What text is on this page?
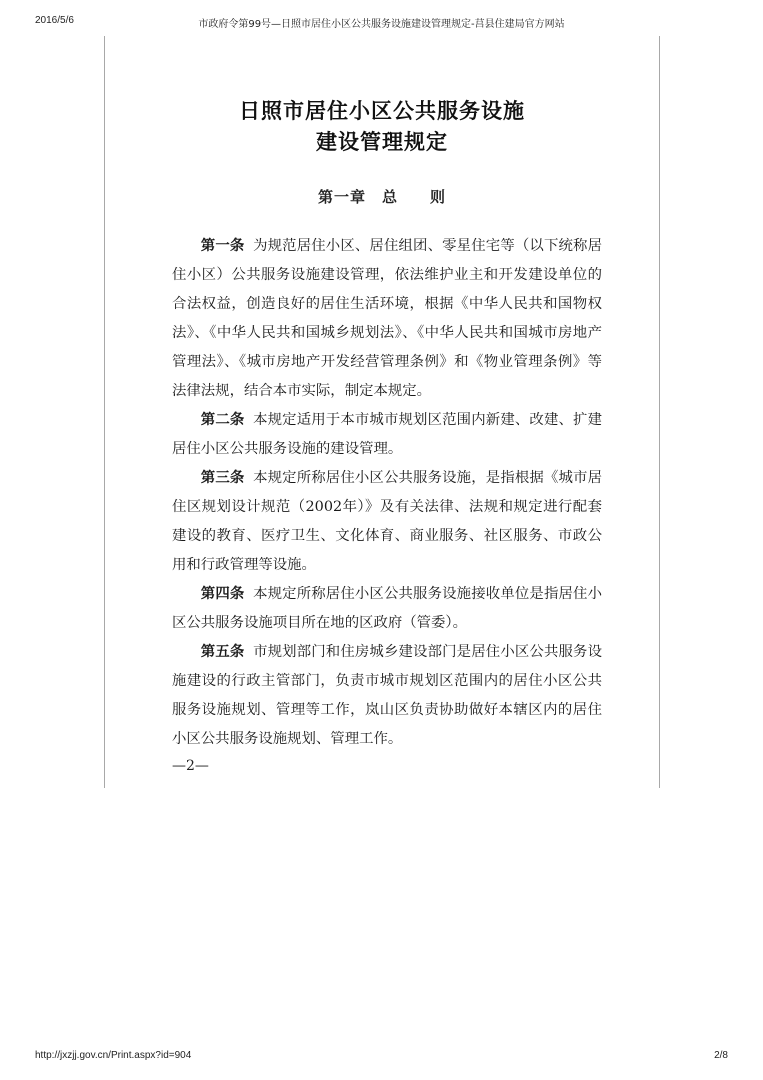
2016/5/6	市政府令第99号—日照市居住小区公共服务设施建设管理规定-莒县住建局官方网站
日照市居住小区公共服务设施
建设管理规定
第一章　总　　则

第一条 为规范居住小区、居住组团、零星住宅等（以下统称居住小区）公共服务设施建设管理，依法维护业主和开发建设单位的合法权益，创造良好的居住生活环境，根据《中华人民共和国物权法》、《中华人民共和国城乡规划法》、《中华人民共和国城市房地产管理法》、《城市房地产开发经营管理条例》和《物业管理条例》等法律法规，结合本市实际，制定本规定。

第二条 本规定适用于本市城市规划区范围内新建、改建、扩建居住小区公共服务设施的建设管理。

第三条 本规定所称居住小区公共服务设施，是指根据《城市居住区规划设计规范（2002年）》及有关法律、法规和规定进行配套建设的教育、医疗卫生、文化体育、商业服务、社区服务、市政公用和行政管理等设施。

第四条 本规定所称居住小区公共服务设施接收单位是指居住小区公共服务设施项目所在地的区政府（管委）。

第五条 市规划部门和住房城乡建设部门是居住小区公共服务设施建设的行政主管部门，负责市城市规划区范围内的居住小区公共服务设施规划、管理等工作，岚山区负责协助做好本辖区内的居住小区公共服务设施规划、管理工作。

—2—
http://jxzjj.gov.cn/Print.aspx?id=904	2/8
